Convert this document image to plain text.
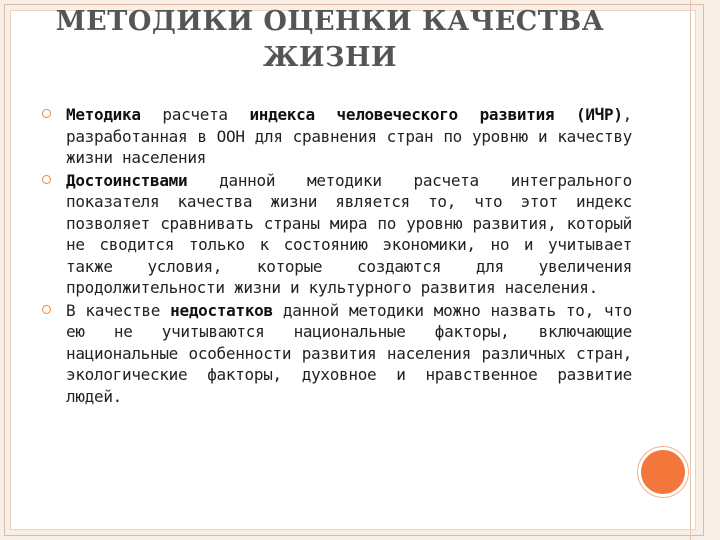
МЕТОДИКИ ОЦЕНКИ КАЧЕСТВА
ЖИЗНИ
Методика расчета индекса человеческого развития (ИЧР), разработанная в ООН для сравнения стран по уровню и качеству жизни населения
Достоинствами данной методики расчета интегрального показателя качества жизни является то, что этот индекс позволяет сравнивать страны мира по уровню развития, который не сводится только к состоянию экономики, но и учитывает также условия, которые создаются для увеличения продолжительности жизни и культурного развития населения.
В качестве недостатков данной методики можно назвать то, что ею не учитываются национальные факторы, включающие национальные особенности развития населения различных стран, экологические факторы, духовное и нравственное развитие людей.
